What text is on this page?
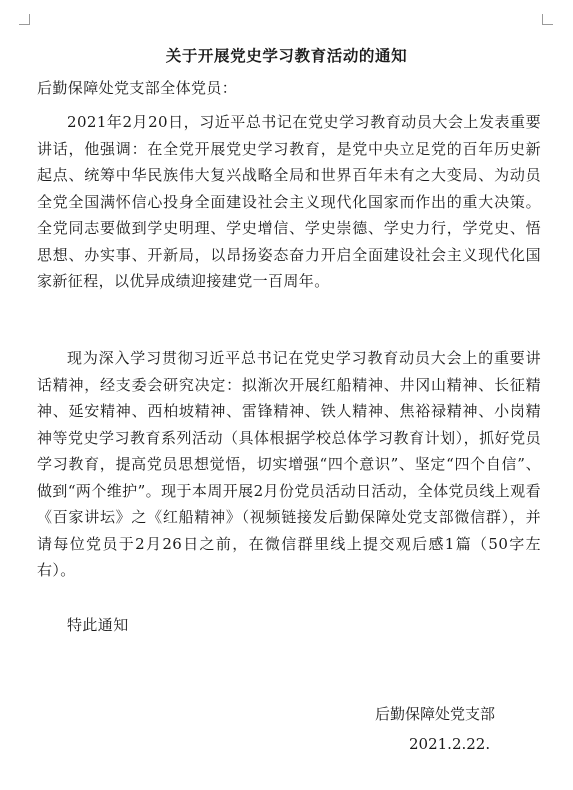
关于开展党史学习教育活动的通知

后勤保障处党支部全体党员：

2021年2月20日，习近平总书记在党史学习教育动员大会上发表重要讲话，他强调：在全党开展党史学习教育，是党中央立足党的百年历史新起点、统筹中华民族伟大复兴战略全局和世界百年未有之大变局、为动员全党全国满怀信心投身全面建设社会主义现代化国家而作出的重大决策。全党同志要做到学史明理、学史增信、学史崇德、学史力行，学党史、悟思想、办实事、开新局，以昂扬姿态奋力开启全面建设社会主义现代化国家新征程，以优异成绩迎接建党一百周年。

现为深入学习贯彻习近平总书记在党史学习教育动员大会上的重要讲话精神，经支委会研究决定：拟渐次开展红船精神、井冈山精神、长征精神、延安精神、西柏坡精神、雷锋精神、铁人精神、焦裕禄精神、小岗精神等党史学习教育系列活动（具体根据学校总体学习教育计划），抓好党员学习教育，提高党员思想觉悟，切实增强“四个意识”、坚定“四个自信”、做到“两个维护”。现于本周开展2月份党员活动日活动，全体党员线上观看《百家讲坛》之《红船精神》（视频链接发后勤保障处党支部微信群），并请每位党员于2月26日之前，在微信群里线上提交观后感1篇（50字左右）。

特此通知

后勤保障处党支部
2021.2.22.
